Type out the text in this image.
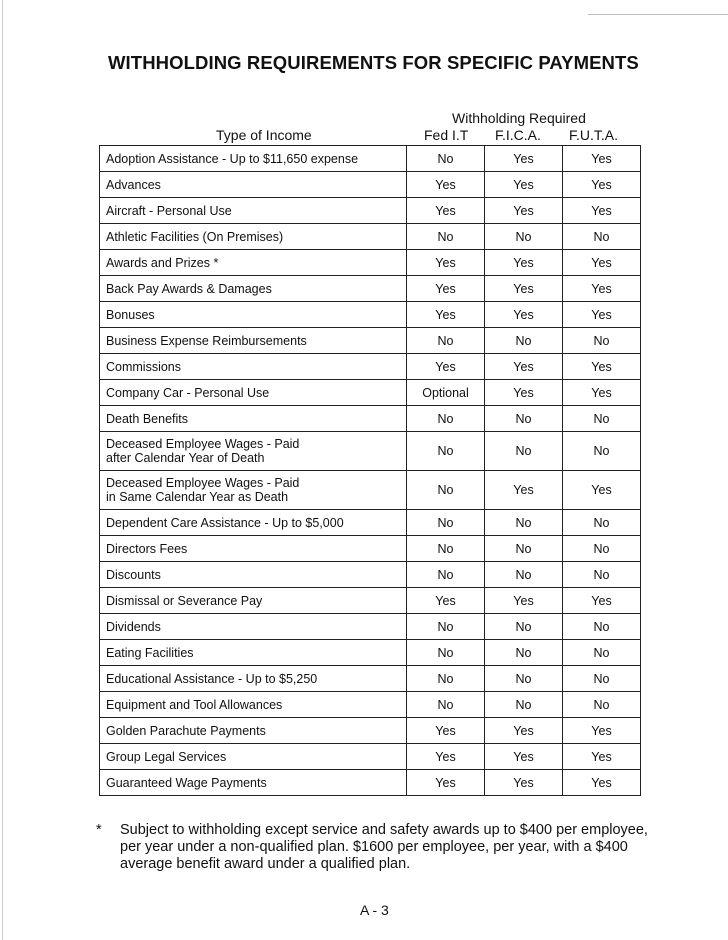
WITHHOLDING REQUIREMENTS FOR SPECIFIC PAYMENTS
Withholding Required
Type of Income	Fed I.T F.I.C.A. F.U.T.A.
Adoption Assistance - Up to $11,650 expense	No	Yes	Yes

Advances	Yes	Yes	Yes

Aircraft - Personal Use	Yes	Yes	Yes

Athletic Facilities (On Premises)	No	No	No

Awards and Prizes *	Yes	Yes	Yes

Back Pay Awards & Damages	Yes	Yes	Yes

Bonuses	Yes	Yes	Yes

Business Expense Reimbursements	No	No	No

Commissions	Yes	Yes	Yes

Company Car - Personal Use	Optional	Yes	Yes

Death Benefits	No	No	No

Deceased Employee Wages - Paid
after Calendar Year of Death	No	No	No

Deceased Employee Wages - Paid
in Same Calendar Year as Death	No	Yes	Yes

Dependent Care Assistance - Up to $5,000	No	No	No

Directors Fees	No	No	No

Discounts	No	No	No

Dismissal or Severance Pay	Yes	Yes	Yes

Dividends	No	No	No

Eating Facilities	No	No	No

Educational Assistance - Up to $5,250	No	No	No

Equipment and Tool Allowances	No	No	No

Golden Parachute Payments	Yes	Yes	Yes

Group Legal Services	Yes	Yes	Yes

Guaranteed Wage Payments	Yes	Yes	Yes
* Subject to withholding except service and safety awards up to $400 per employee, per year under a non-qualified plan. $1600 per employee, per year, with a $400 average benefit award under a qualified plan.
A - 3
